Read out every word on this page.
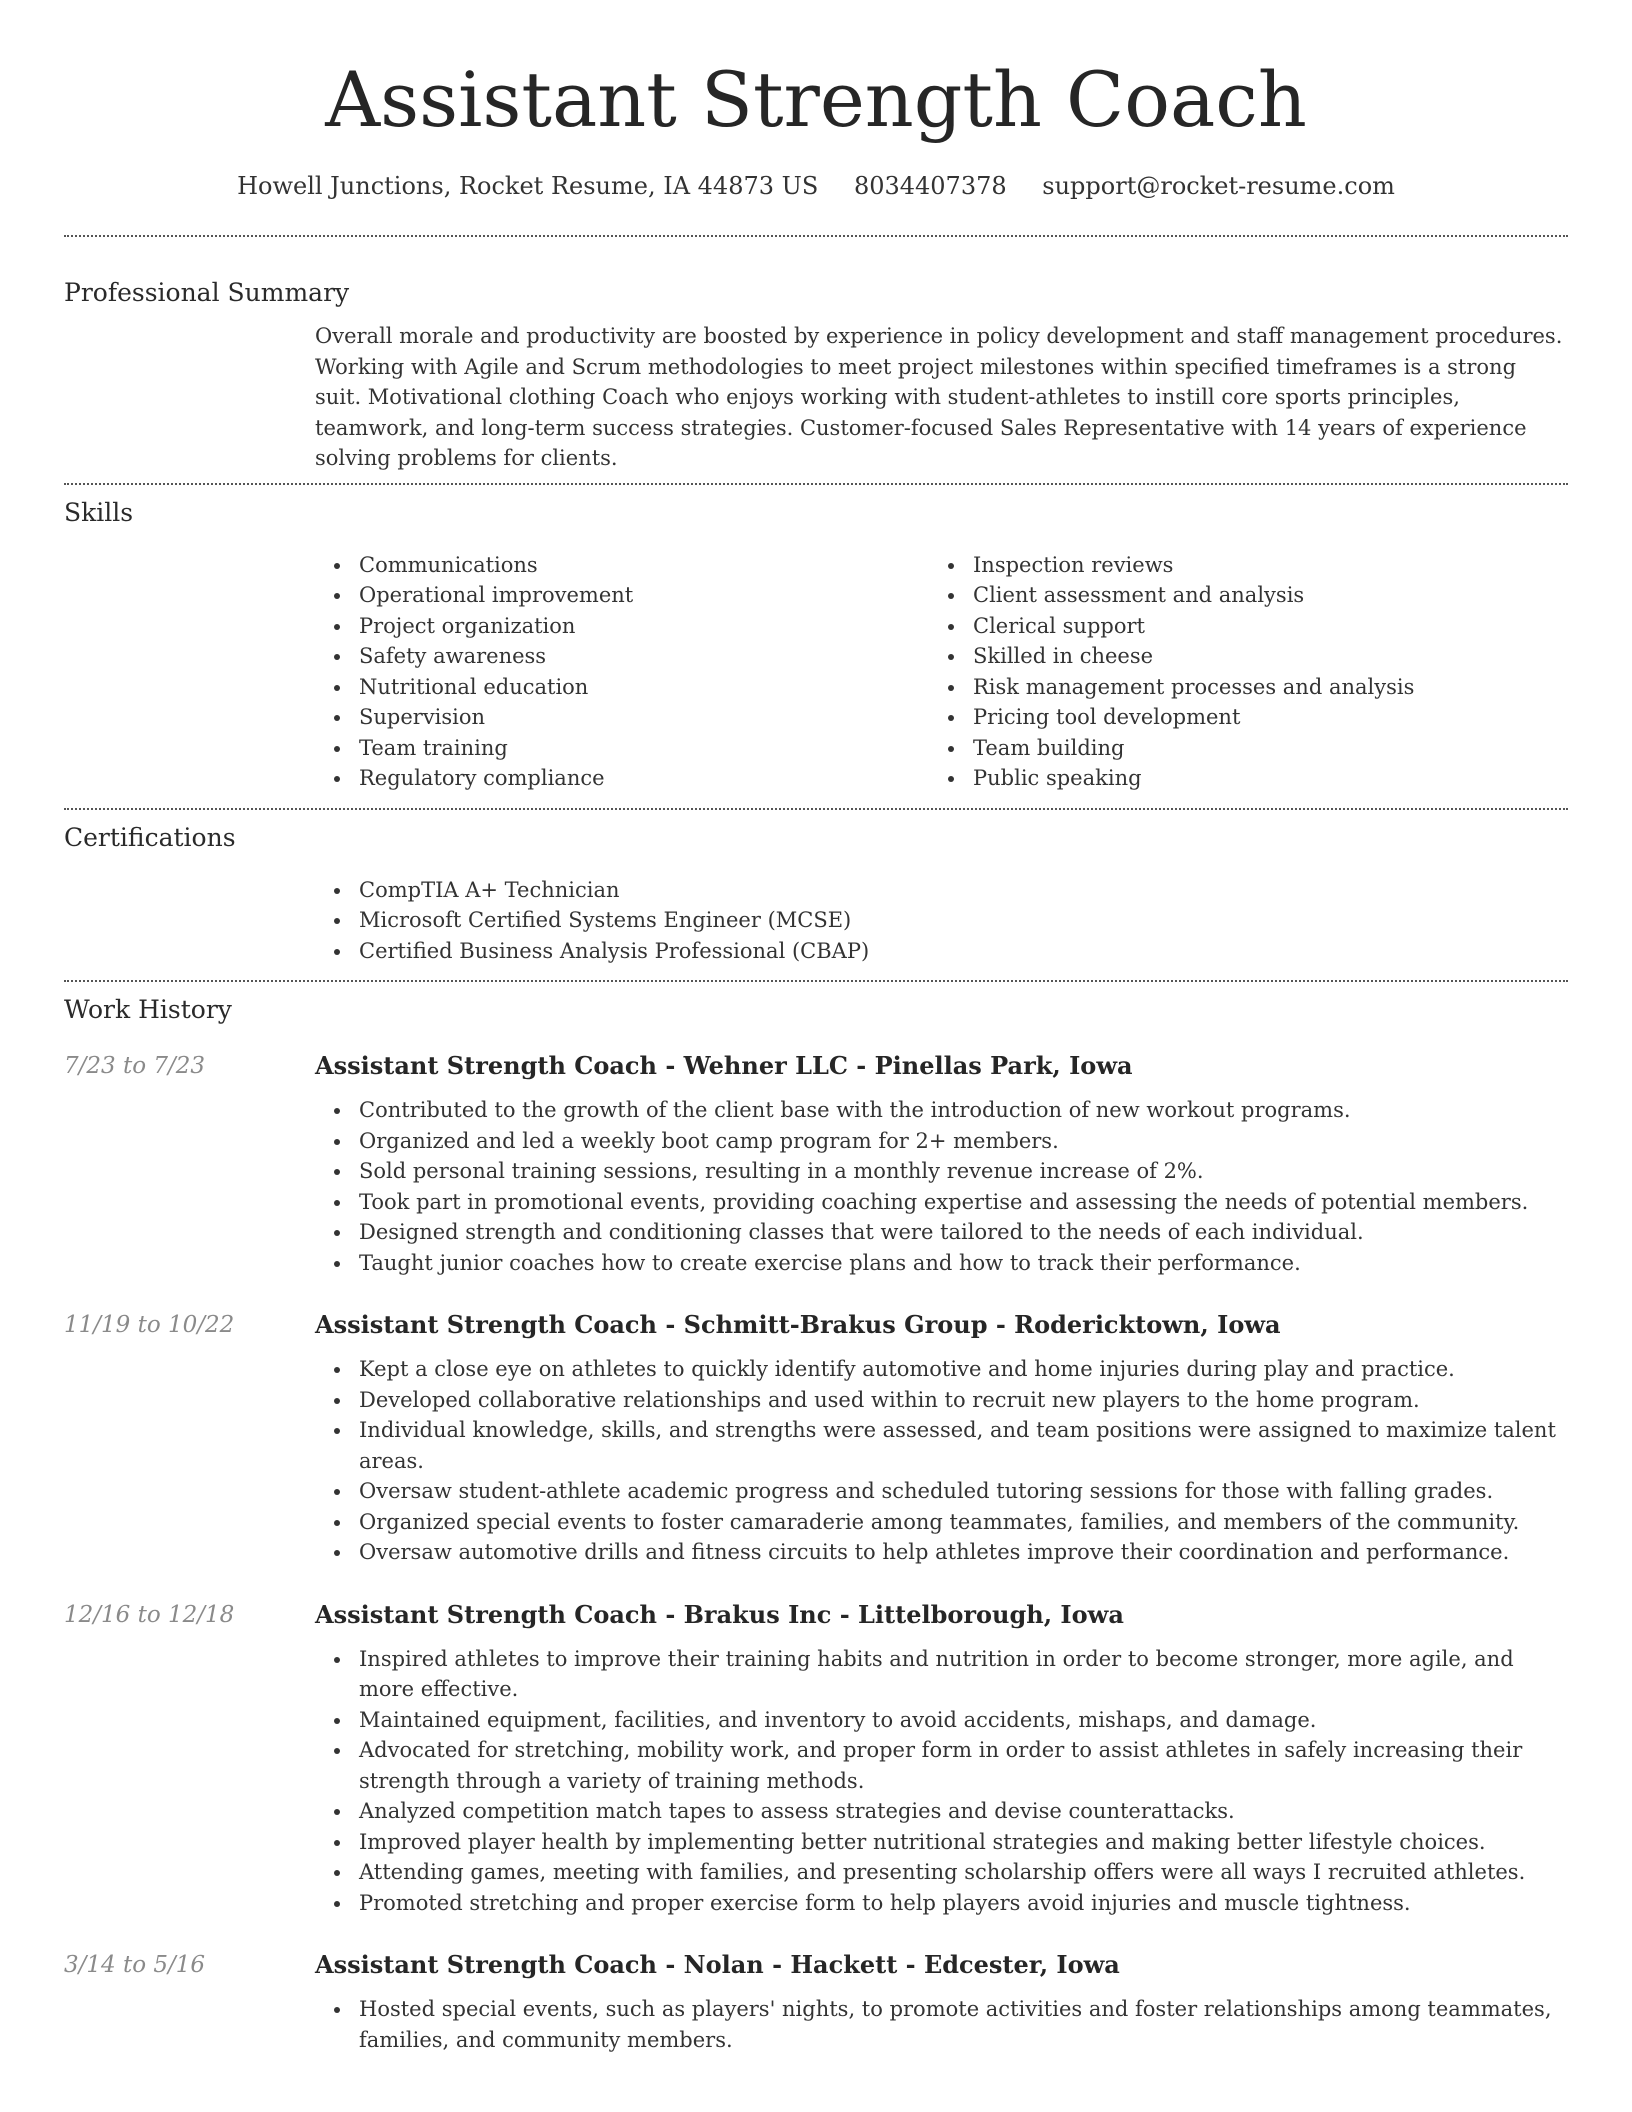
Assistant Strength Coach
Howell Junctions, Rocket Resume, IA 44873 US 8034407378 support@rocket-resume.com
Professional Summary

Overall morale and productivity are boosted by experience in policy development and staff management procedures. Working with Agile and Scrum methodologies to meet project milestones within specified timeframes is a strong suit. Motivational clothing Coach who enjoys working with student-athletes to instill core sports principles, teamwork, and long-term success strategies. Customer-focused Sales Representative with 14 years of experience solving problems for clients.

Skills
Communications
Operational improvement
Project organization
Safety awareness
Nutritional education
Supervision
Team training
Regulatory compliance
Inspection reviews
Client assessment and analysis
Clerical support
Skilled in cheese
Risk management processes and analysis
Pricing tool development
Team building
Public speaking
Certifications
CompTIA A+ Technician
Microsoft Certified Systems Engineer (MCSE)
Certified Business Analysis Professional (CBAP)
Work History
7/23 to 7/23	Assistant Strength Coach - Wehner LLC - Pinellas Park, Iowa
Contributed to the growth of the client base with the introduction of new workout programs.
Organized and led a weekly boot camp program for 2+ members.
Sold personal training sessions, resulting in a monthly revenue increase of 2%.
Took part in promotional events, providing coaching expertise and assessing the needs of potential members.
Designed strength and conditioning classes that were tailored to the needs of each individual.
Taught junior coaches how to create exercise plans and how to track their performance.
11/19 to 10/22	Assistant Strength Coach - Schmitt-Brakus Group - Rodericktown, Iowa
Kept a close eye on athletes to quickly identify automotive and home injuries during play and practice.
Developed collaborative relationships and used within to recruit new players to the home program.
Individual knowledge, skills, and strengths were assessed, and team positions were assigned to maximize talent areas.
Oversaw student-athlete academic progress and scheduled tutoring sessions for those with falling grades.
Organized special events to foster camaraderie among teammates, families, and members of the community.
Oversaw automotive drills and fitness circuits to help athletes improve their coordination and performance.
12/16 to 12/18	Assistant Strength Coach - Brakus Inc - Littelborough, Iowa
Inspired athletes to improve their training habits and nutrition in order to become stronger, more agile, and more effective.
Maintained equipment, facilities, and inventory to avoid accidents, mishaps, and damage.
Advocated for stretching, mobility work, and proper form in order to assist athletes in safely increasing their strength through a variety of training methods.
Analyzed competition match tapes to assess strategies and devise counterattacks.
Improved player health by implementing better nutritional strategies and making better lifestyle choices.
Attending games, meeting with families, and presenting scholarship offers were all ways I recruited athletes.
Promoted stretching and proper exercise form to help players avoid injuries and muscle tightness.
3/14 to 5/16	Assistant Strength Coach - Nolan - Hackett - Edcester, Iowa
Hosted special events, such as players' nights, to promote activities and foster relationships among teammates, families, and community members.
